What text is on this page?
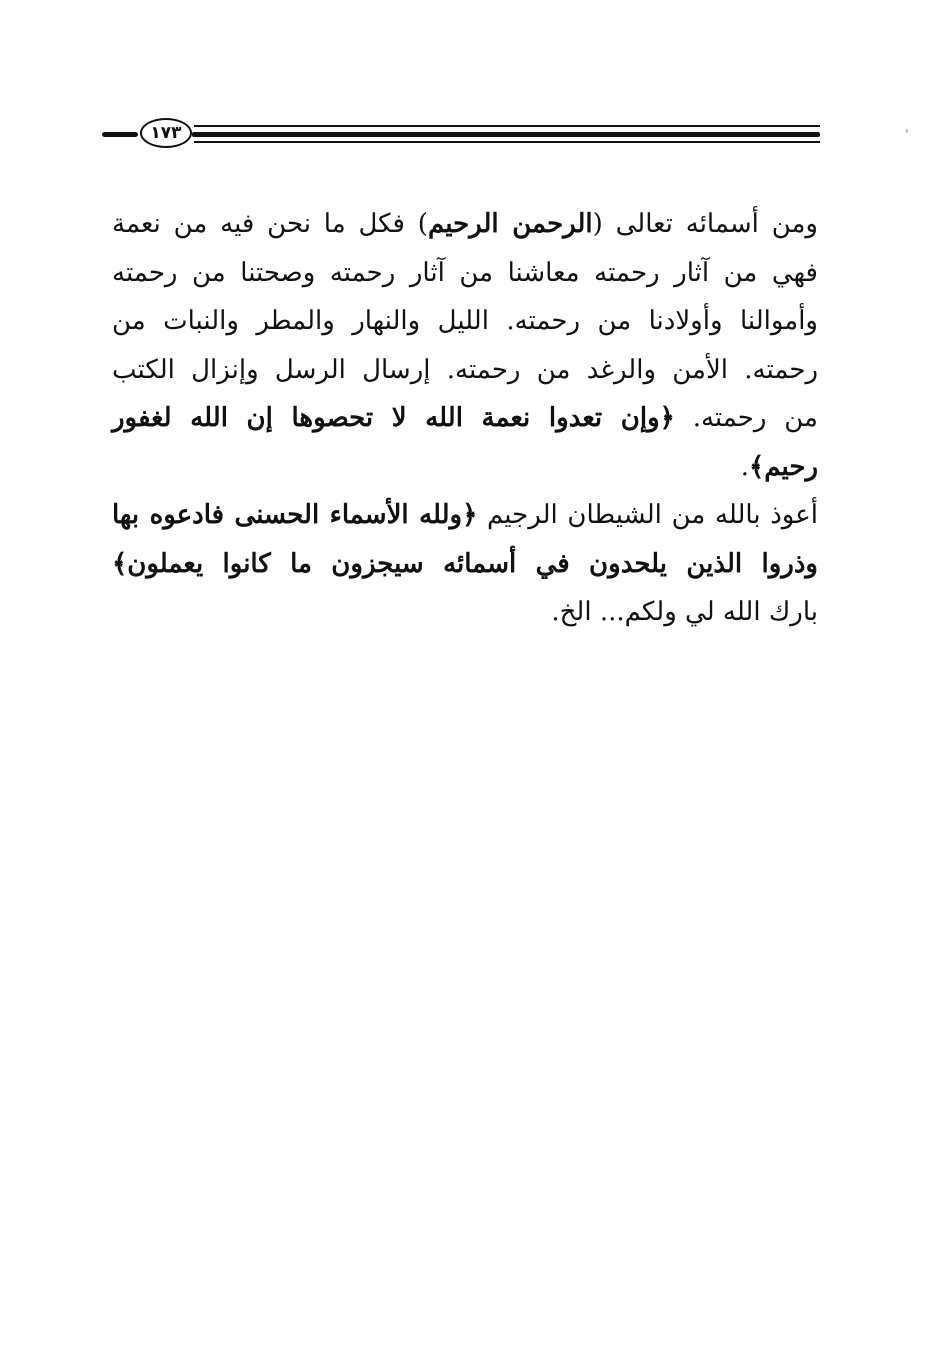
١٧٣	ء
ومن أسمائه تعالى (الرحمن الرحيم) فكل ما نحن فيه من نعمة
فهي من آثار رحمته معاشنا من آثار رحمته وصحتنا من رحمته
وأموالنا وأولادنا من رحمته. الليل والنهار والمطر والنبات من
رحمته. الأمن والرغد من رحمته. إرسال الرسل وإنزال الكتب
من رحمته. ﴿وإن تعدوا نعمة الله لا تحصوها إن الله لغفور
رحيم﴾.
أعوذ بالله من الشيطان الرجيم ﴿ولله الأسماء الحسنى فادعوه بها
وذروا الذين يلحدون في أسمائه سيجزون ما كانوا يعملون﴾
بارك الله لي ولكم... الخ.
